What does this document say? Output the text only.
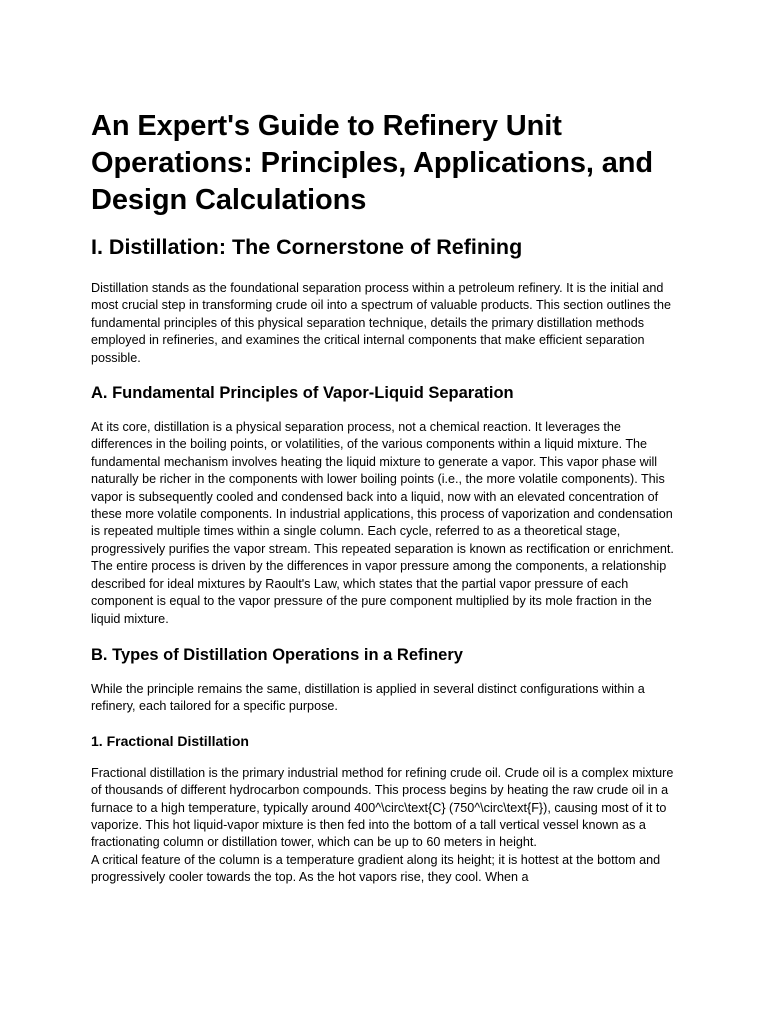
An Expert's Guide to Refinery Unit Operations: Principles, Applications, and Design Calculations
I. Distillation: The Cornerstone of Refining

Distillation stands as the foundational separation process within a petroleum refinery. It is the initial and most crucial step in transforming crude oil into a spectrum of valuable products. This section outlines the fundamental principles of this physical separation technique, details the primary distillation methods employed in refineries, and examines the critical internal components that make efficient separation possible.

A. Fundamental Principles of Vapor-Liquid Separation

At its core, distillation is a physical separation process, not a chemical reaction. It leverages the differences in the boiling points, or volatilities, of the various components within a liquid mixture. The fundamental mechanism involves heating the liquid mixture to generate a vapor. This vapor phase will naturally be richer in the components with lower boiling points (i.e., the more volatile components). This vapor is subsequently cooled and condensed back into a liquid, now with an elevated concentration of these more volatile components. In industrial applications, this process of vaporization and condensation is repeated multiple times within a single column. Each cycle, referred to as a theoretical stage, progressively purifies the vapor stream. This repeated separation is known as rectification or enrichment. The entire process is driven by the differences in vapor pressure among the components, a relationship described for ideal mixtures by Raoult's Law, which states that the partial vapor pressure of each component is equal to the vapor pressure of the pure component multiplied by its mole fraction in the liquid mixture.

B. Types of Distillation Operations in a Refinery

While the principle remains the same, distillation is applied in several distinct configurations within a refinery, each tailored for a specific purpose.

1. Fractional Distillation

Fractional distillation is the primary industrial method for refining crude oil. Crude oil is a complex mixture of thousands of different hydrocarbon compounds. This process begins by heating the raw crude oil in a furnace to a high temperature, typically around 400^\circ\text{C} (750^\circ\text{F}), causing most of it to vaporize. This hot liquid-vapor mixture is then fed into the bottom of a tall vertical vessel known as a fractionating column or distillation tower, which can be up to 60 meters in height.

A critical feature of the column is a temperature gradient along its height; it is hottest at the bottom and progressively cooler towards the top. As the hot vapors rise, they cool. When a
